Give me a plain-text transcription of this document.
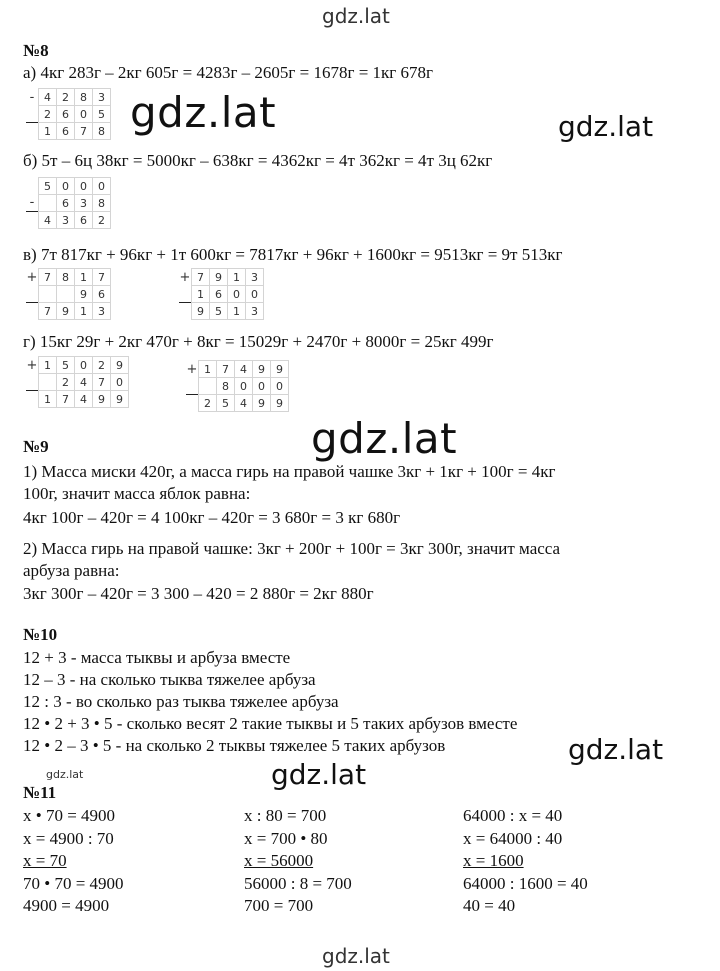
gdz.lat
gdz.lat	gdz.lat
gdz.lat
gdz.lat
gdz.lat	gdz.lat
gdz.lat
№8
а) 4кг 283г – 2кг 605г = 4283г – 2605г = 1678г = 1кг 678г
-	4	2	8	3
	2	6	0	5
	1	6	7	8
б) 5т – 6ц 38кг = 5000кг – 638кг = 4362кг = 4т 362кг = 4т 3ц 62кг
	5	0	0	0
-		6	3	8
	4	3	6	2
в) 7т 817кг + 96кг + 1т 600кг = 7817кг + 96кг + 1600кг = 9513кг = 9т 513кг
+	7	8	1	7
			9	6
	7	9	1	3
+	7	9	1	3
	1	6	0	0
	9	5	1	3
г) 15кг 29г + 2кг 470г + 8кг = 15029г + 2470г + 8000г = 25кг 499г
+	1	5	0	2	9
		2	4	7	0
	1	7	4	9	9
+	1	7	4	9	9
		8	0	0	0
	2	5	4	9	9
№9
1) Масса миски 420г, а масса гирь на правой чашке 3кг + 1кг + 100г = 4кг
100г, значит масса яблок равна:
4кг 100г – 420г = 4 100кг – 420г = 3 680г = 3 кг 680г
2) Масса гирь на правой чашке: 3кг + 200г + 100г = 3кг 300г, значит масса
арбуза равна:
3кг 300г – 420г = 3 300 – 420 = 2 880г = 2кг 880г
№10
12 + 3 - масса тыквы и арбуза вместе
12 – 3 - на сколько тыква тяжелее арбуза
12 : 3 - во сколько раз тыква тяжелее арбуза
12 • 2 + 3 • 5 - сколько весят 2 такие тыквы и 5 таких арбузов вместе
12 • 2 – 3 • 5 - на сколько 2 тыквы тяжелее 5 таких арбузов
№11
x • 70 = 4900
x = 4900 : 70
x = 70
70 • 70 = 4900
4900 = 4900
x : 80 = 700
x = 700 • 80
x = 56000
56000 : 8 = 700
700 = 700
64000 : x = 40
x = 64000 : 40
x = 1600
64000 : 1600 = 40
40 = 40
